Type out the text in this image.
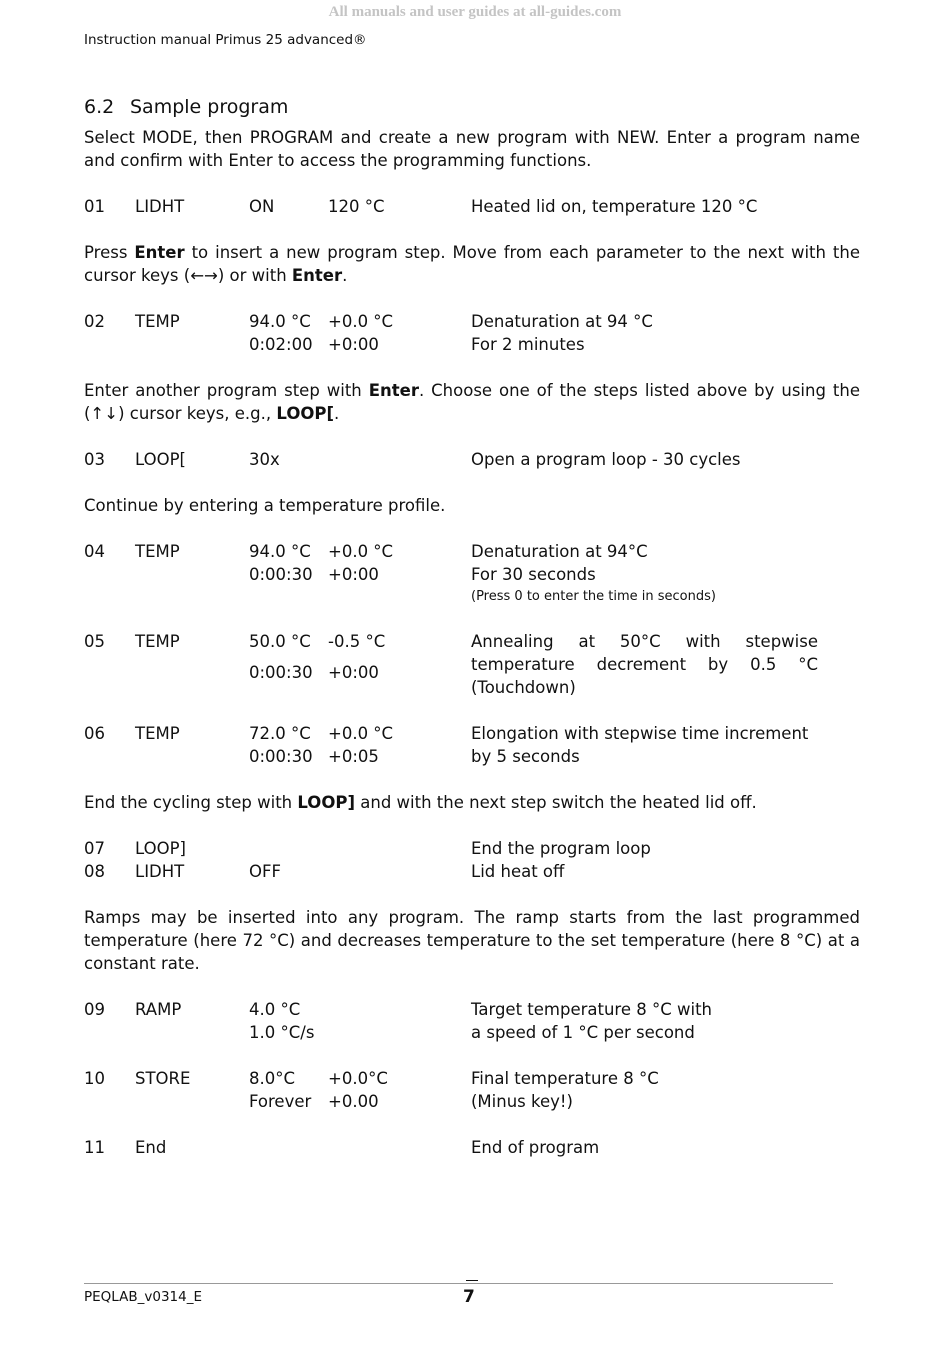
All manuals and user guides at all-guides.com
Instruction manual Primus 25 advanced®
6.2 Sample program

Select MODE, then PROGRAM and create a new program with NEW. Enter a program name and confirm with Enter to access the programming functions.

01	LIDHT	ON	120 °C	Heated lid on, temperature 120 °C

Press Enter to insert a new program step. Move from each parameter to the next with the cursor keys (←→) or with Enter.

02	TEMP	94.0 °C	+0.0 °C	Denaturation at 94 °C
0:02:00 +0:00	For 2 minutes

Enter another program step with Enter. Choose one of the steps listed above by using the (↑↓) cursor keys, e.g., LOOP[.

03	LOOP[	30x	Open a program loop - 30 cycles

Continue by entering a temperature profile.

04	TEMP	94.0 °C	+0.0 °C	Denaturation at 94°C
0:00:30 +0:00	For 30 seconds
(Press 0 to enter the time in seconds)
05	TEMP	50.0 °C	-0.5 °C	Annealing at 50°C with stepwise temperature decrement by 0.5 °C (Touchdown)
0:00:30 +0:00
06	TEMP	72.0 °C	+0.0 °C	Elongation with stepwise time increment
0:00:30 +0:05	by 5 seconds

End the cycling step with LOOP] and with the next step switch the heated lid off.

07	LOOP]	End the program loop
08	LIDHT	OFF	Lid heat off

Ramps may be inserted into any program. The ramp starts from the last programmed temperature (here 72 °C) and decreases temperature to the set temperature (here 8 °C) at a constant rate.

09	RAMP	4.0 °C	Target temperature 8 °C with
1.0 °C/s	a speed of 1 °C per second
10	STORE	8.0°C	+0.0°C	Final temperature 8 °C
Forever	+0.00	(Minus key!)
11	End	End of program
PEQLAB_v0314_E	7
